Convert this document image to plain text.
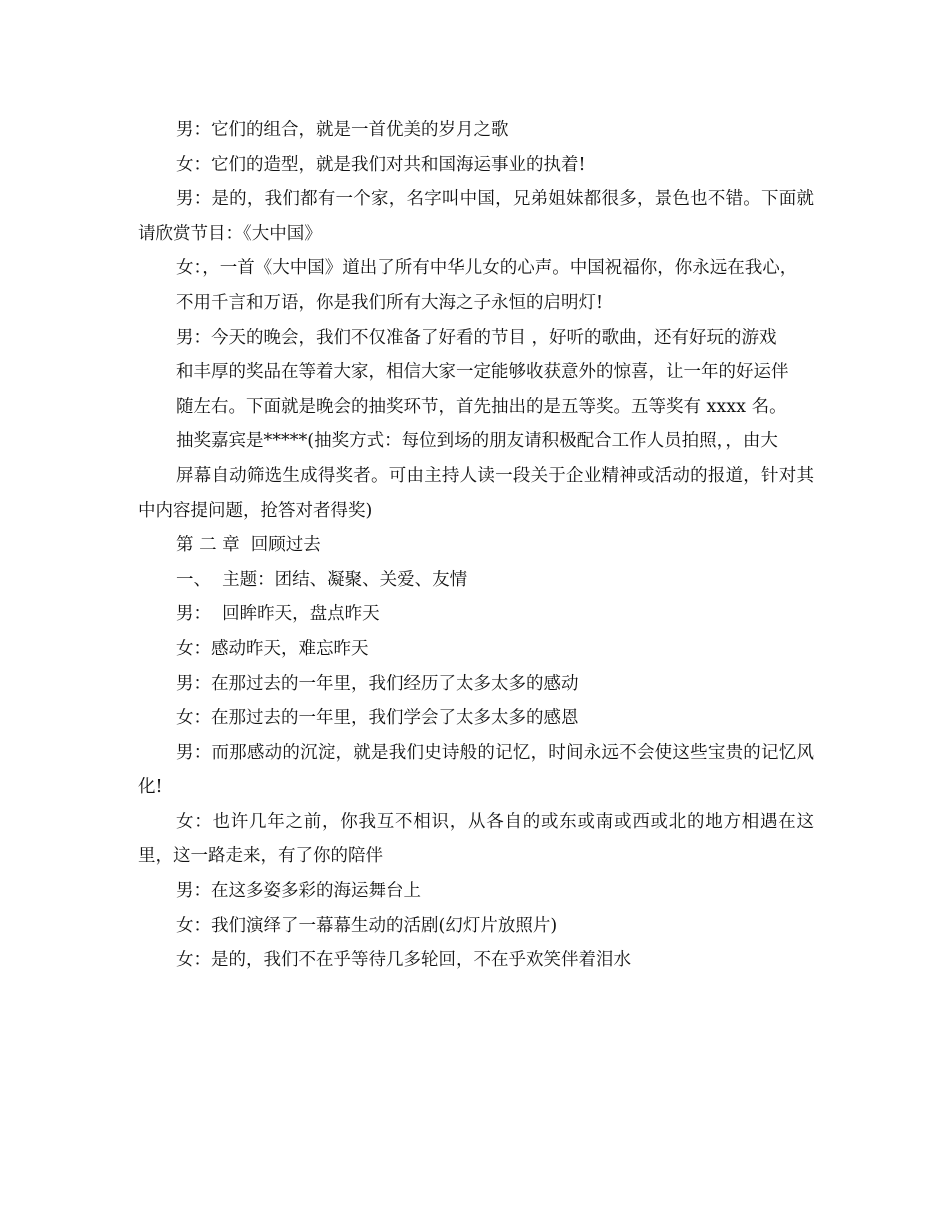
男：它们的组合，就是一首优美的岁月之歌

女：它们的造型，就是我们对共和国海运事业的执着!

男：是的，我们都有一个家，名字叫中国，兄弟姐妹都很多，景色也不错。下面就请欣赏节目：《大中国》

女：，一首《大中国》道出了所有中华儿女的心声。中国祝福你，你永远在我心，

不用千言和万语，你是我们所有大海之子永恒的启明灯!

男：今天的晚会，我们不仅准备了好看的节目 ，好听的歌曲，还有好玩的游戏

和丰厚的奖品在等着大家，相信大家一定能够收获意外的惊喜，让一年的好运伴

随左右。下面就是晚会的抽奖环节，首先抽出的是五等奖。五等奖有 xxxx 名。

抽奖嘉宾是*****(抽奖方式：每位到场的朋友请积极配合工作人员拍照，，由大

屏幕自动筛选生成得奖者。可由主持人读一段关于企业精神或活动的报道，针对其中内容提问题，抢答对者得奖)

第 二 章  回顾过去

一、  主题：团结、凝聚、关爱、友情

男：  回眸昨天，盘点昨天

女：感动昨天，难忘昨天

男：在那过去的一年里，我们经历了太多太多的感动

女：在那过去的一年里，我们学会了太多太多的感恩

男：而那感动的沉淀，就是我们史诗般的记忆，时间永远不会使这些宝贵的记忆风化!

女：也许几年之前，你我互不相识，从各自的或东或南或西或北的地方相遇在这里，这一路走来，有了你的陪伴

男：在这多姿多彩的海运舞台上

女：我们演绎了一幕幕生动的活剧(幻灯片放照片)

女：是的，我们不在乎等待几多轮回，不在乎欢笑伴着泪水
